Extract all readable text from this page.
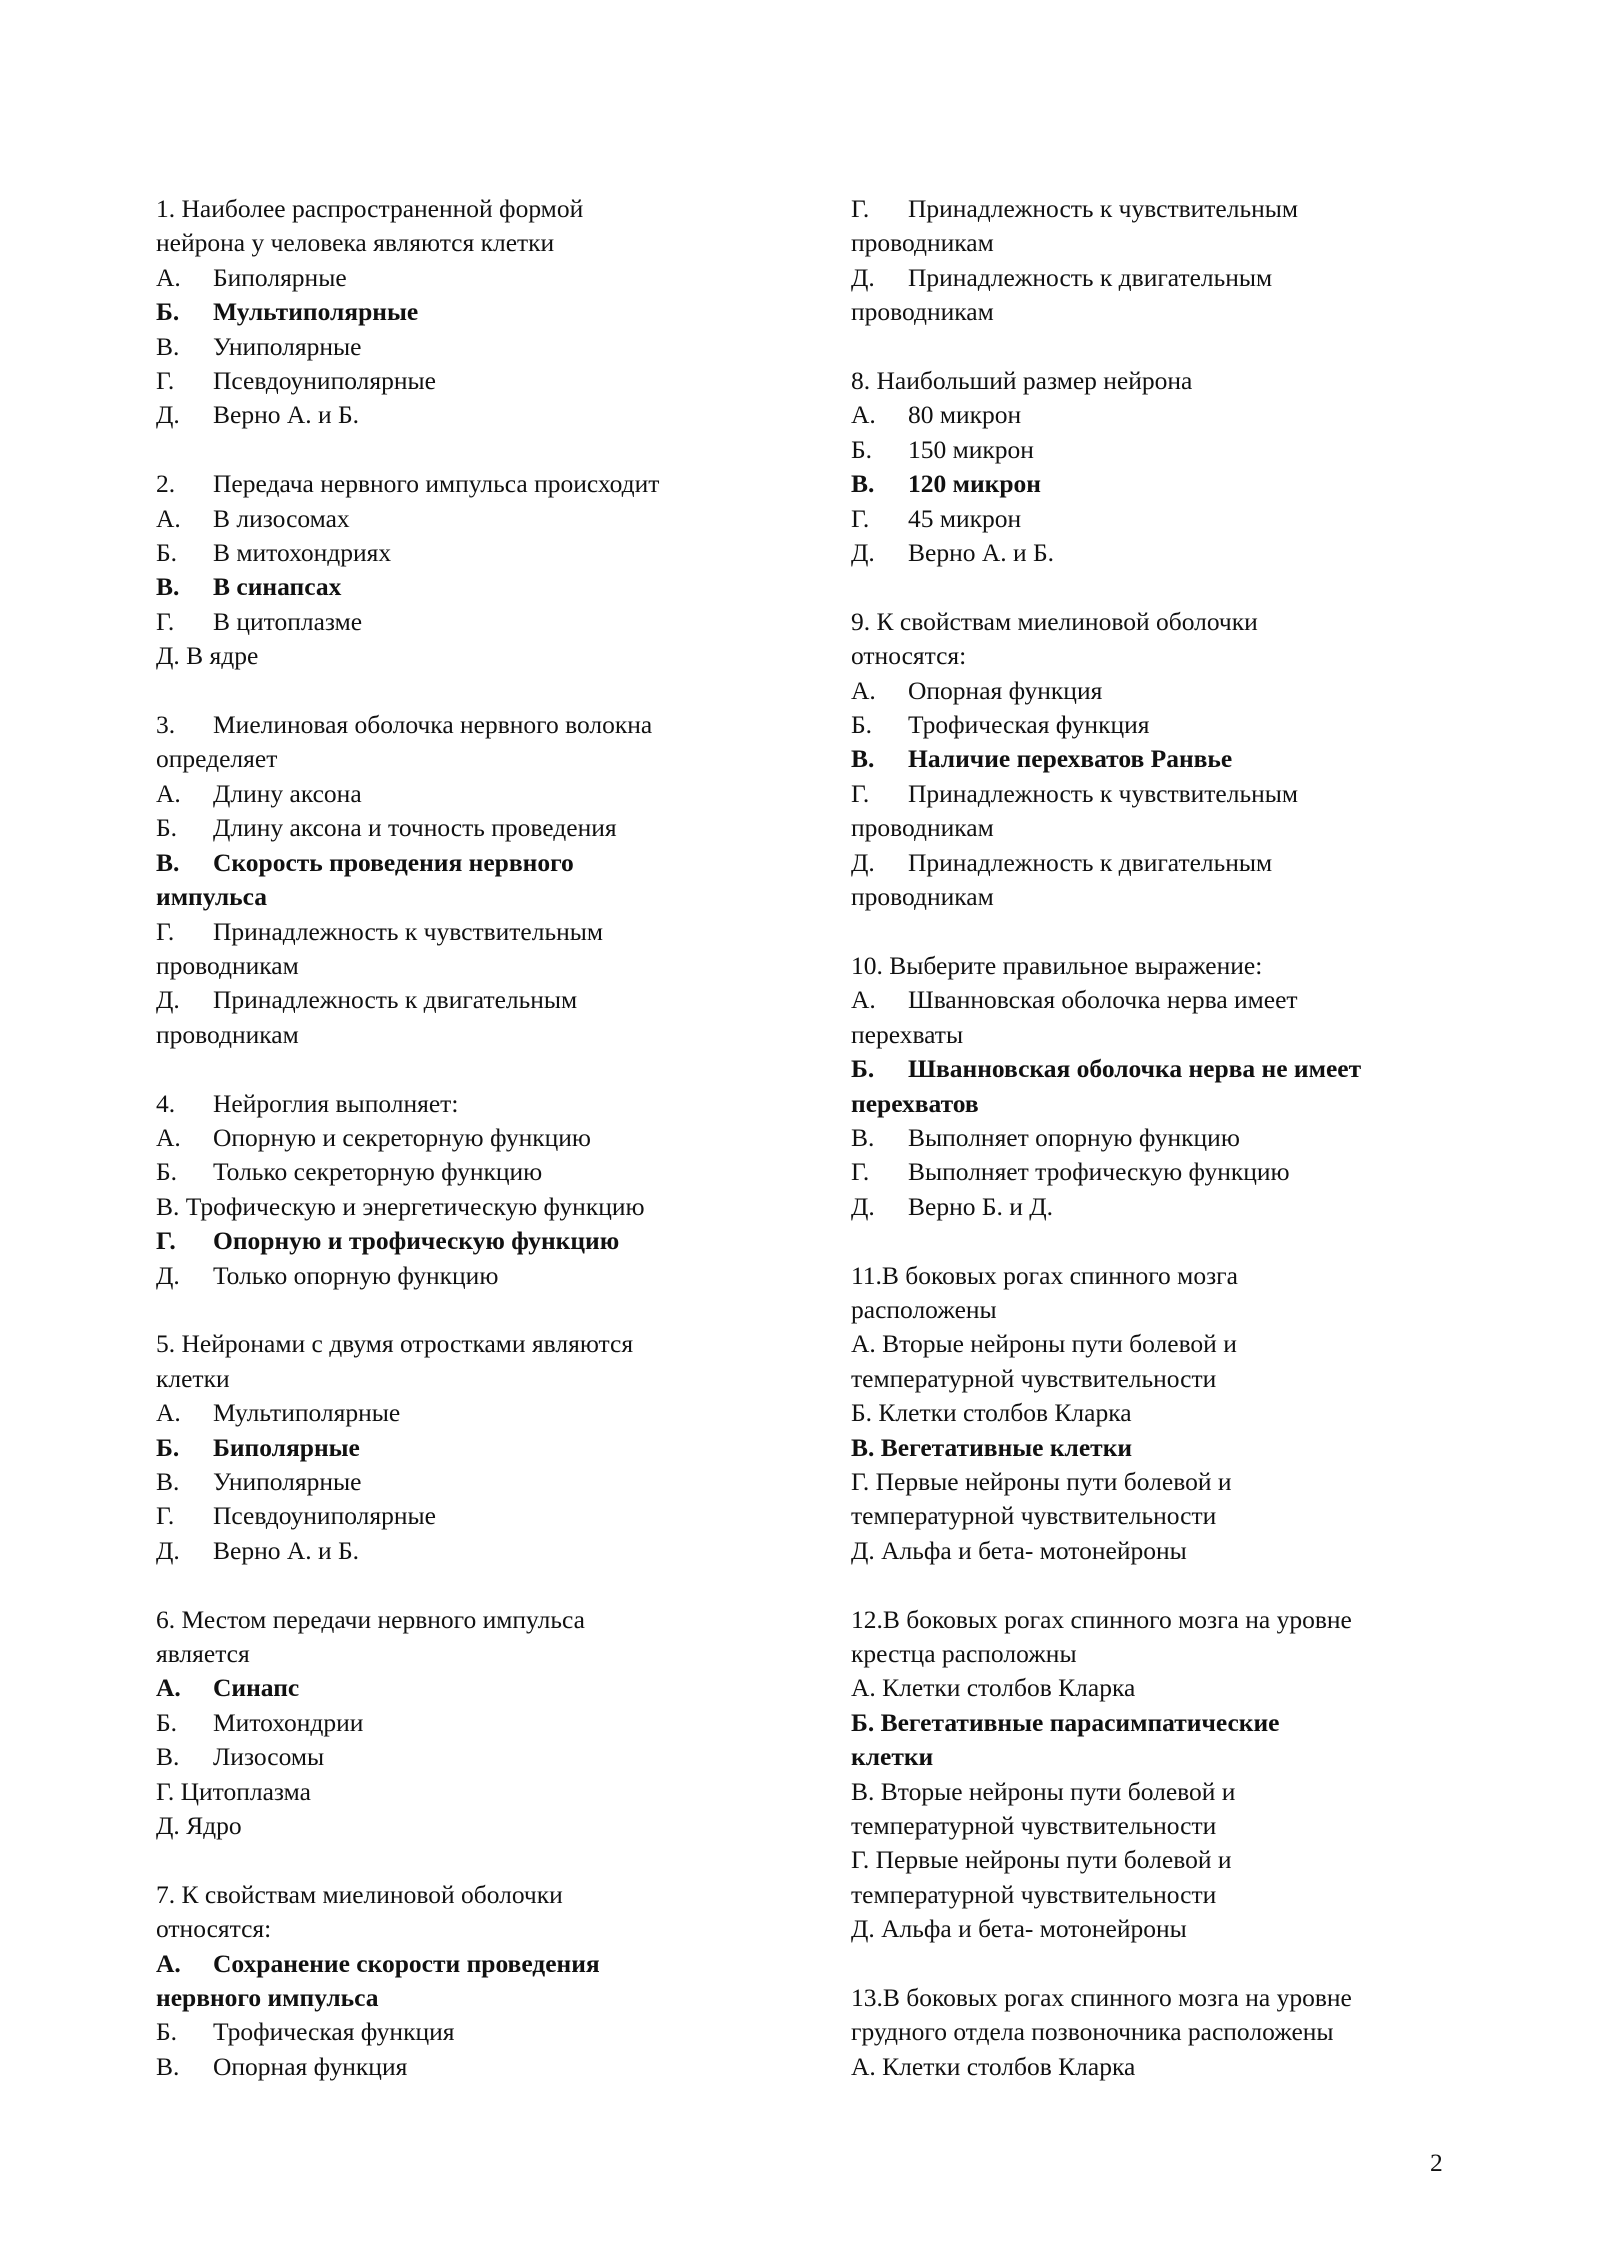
1. Наиболее распространенной формой
нейрона у человека являются клетки
А. Биполярные
Б. Мультиполярные
В. Униполярные
Г. Псевдоуниполярные
Д. Верно А. и Б.
2. Передача нервного импульса происходит
А. В лизосомах
Б. В митохондриях
В. В синапсах
Г. В цитоплазме
Д. В ядре
3. Миелиновая оболочка нервного волокна
определяет
А. Длину аксона
Б. Длину аксона и точность проведения
В. Скорость проведения нервного
импульса
Г. Принадлежность к чувствительным
проводникам
Д. Принадлежность к двигательным
проводникам
4. Нейроглия выполняет:
А. Опорную и секреторную функцию
Б. Только секреторную функцию
В. Трофическую и энергетическую функцию
Г. Опорную и трофическую функцию
Д. Только опорную функцию
5. Нейронами с двумя отростками являются
клетки
А. Мультиполярные
Б. Биполярные
В. Униполярные
Г. Псевдоуниполярные
Д. Верно А. и Б.
6. Местом передачи нервного импульса
является
А. Синапс
Б. Митохондрии
В. Лизосомы
Г. Цитоплазма
Д. Ядро
7. К свойствам миелиновой оболочки
относятся:
А. Сохранение скорости проведения
нервного импульса
Б. Трофическая функция
В. Опорная функция
Г. Принадлежность к чувствительным
проводникам
Д. Принадлежность к двигательным
проводникам
8. Наибольший размер нейрона
А. 80 микрон
Б. 150 микрон
В. 120 микрон
Г. 45 микрон
Д. Верно А. и Б.
9. К свойствам миелиновой оболочки
относятся:
А. Опорная функция
Б. Трофическая функция
В. Наличие перехватов Ранвье
Г. Принадлежность к чувствительным
проводникам
Д. Принадлежность к двигательным
проводникам
10. Выберите правильное выражение:
А. Шванновская оболочка нерва имеет
перехваты
Б. Шванновская оболочка нерва не имеет
перехватов
В. Выполняет опорную функцию
Г. Выполняет трофическую функцию
Д. Верно Б. и Д.
11.В боковых рогах спинного мозга
расположены
А. Вторые нейроны пути болевой и
температурной чувствительности
Б. Клетки столбов Кларка
В. Вегетативные клетки
Г. Первые нейроны пути болевой и
температурной чувствительности
Д. Альфа и бета- мотонейроны
12.В боковых рогах спинного мозга на уровне
крестца расположны
А. Клетки столбов Кларка
Б. Вегетативные парасимпатические
клетки
В. Вторые нейроны пути болевой и
температурной чувствительности
Г. Первые нейроны пути болевой и
температурной чувствительности
Д. Альфа и бета- мотонейроны
13.В боковых рогах спинного мозга на уровне
грудного отдела позвоночника расположены
А. Клетки столбов Кларка
2
